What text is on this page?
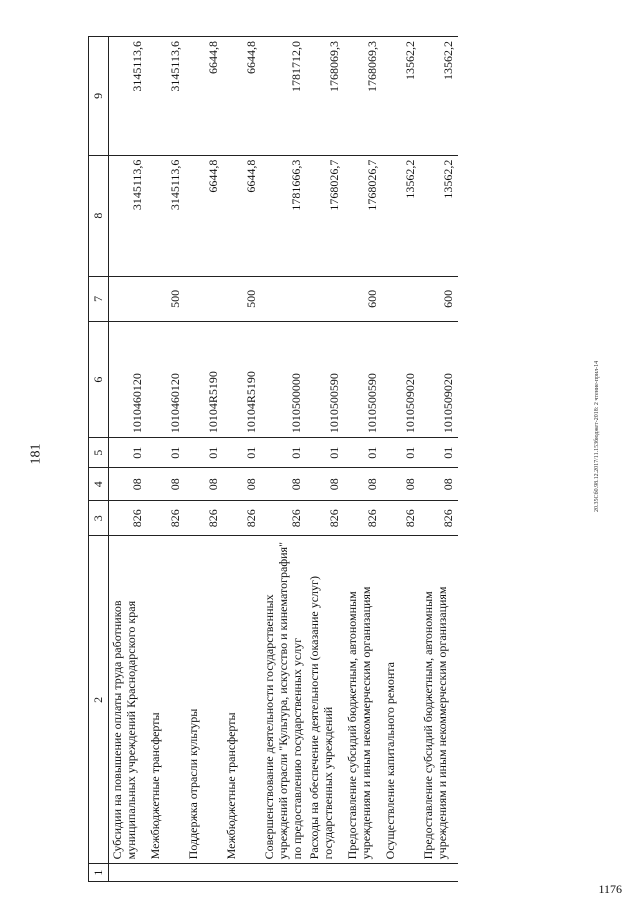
181	20.35Сб0.98.12.2017/11.153бюджет-2018: 2 чтение-прил-14
1176
1	2	3	4	5	6	7	8	9
	Субсидии на повышение оплаты труда работников муниципальных учреждений Краснодарского края	826	08	01	1010460120		3145113,6	3145113,6
	Межбюджетные трансферты	826	08	01	1010460120	500	3145113,6	3145113,6
	Поддержка отрасли культуры	826	08	01	10104R5190		6644,8	6644,8
	Межбюджетные трансферты	826	08	01	10104R5190	500	6644,8	6644,8
	Совершенствование деятельности государственных учреждений отрасли "Культура, искусство и кинематография" по предоставлению государственных услуг	826	08	01	1010500000		1781666,3	1781712,0
	Расходы на обеспечение деятельности (оказание услуг) государственных учреждений	826	08	01	1010500590		1768026,7	1768069,3
	Предоставление субсидий бюджетным, автономным учреждениям и иным некоммерческим организациям	826	08	01	1010500590	600	1768026,7	1768069,3
	Осуществление капитального ремонта	826	08	01	1010509020		13562,2	13562,2
	Предоставление субсидий бюджетным, автономным учреждениям и иным некоммерческим организациям	826	08	01	1010509020	600	13562,2	13562,2
